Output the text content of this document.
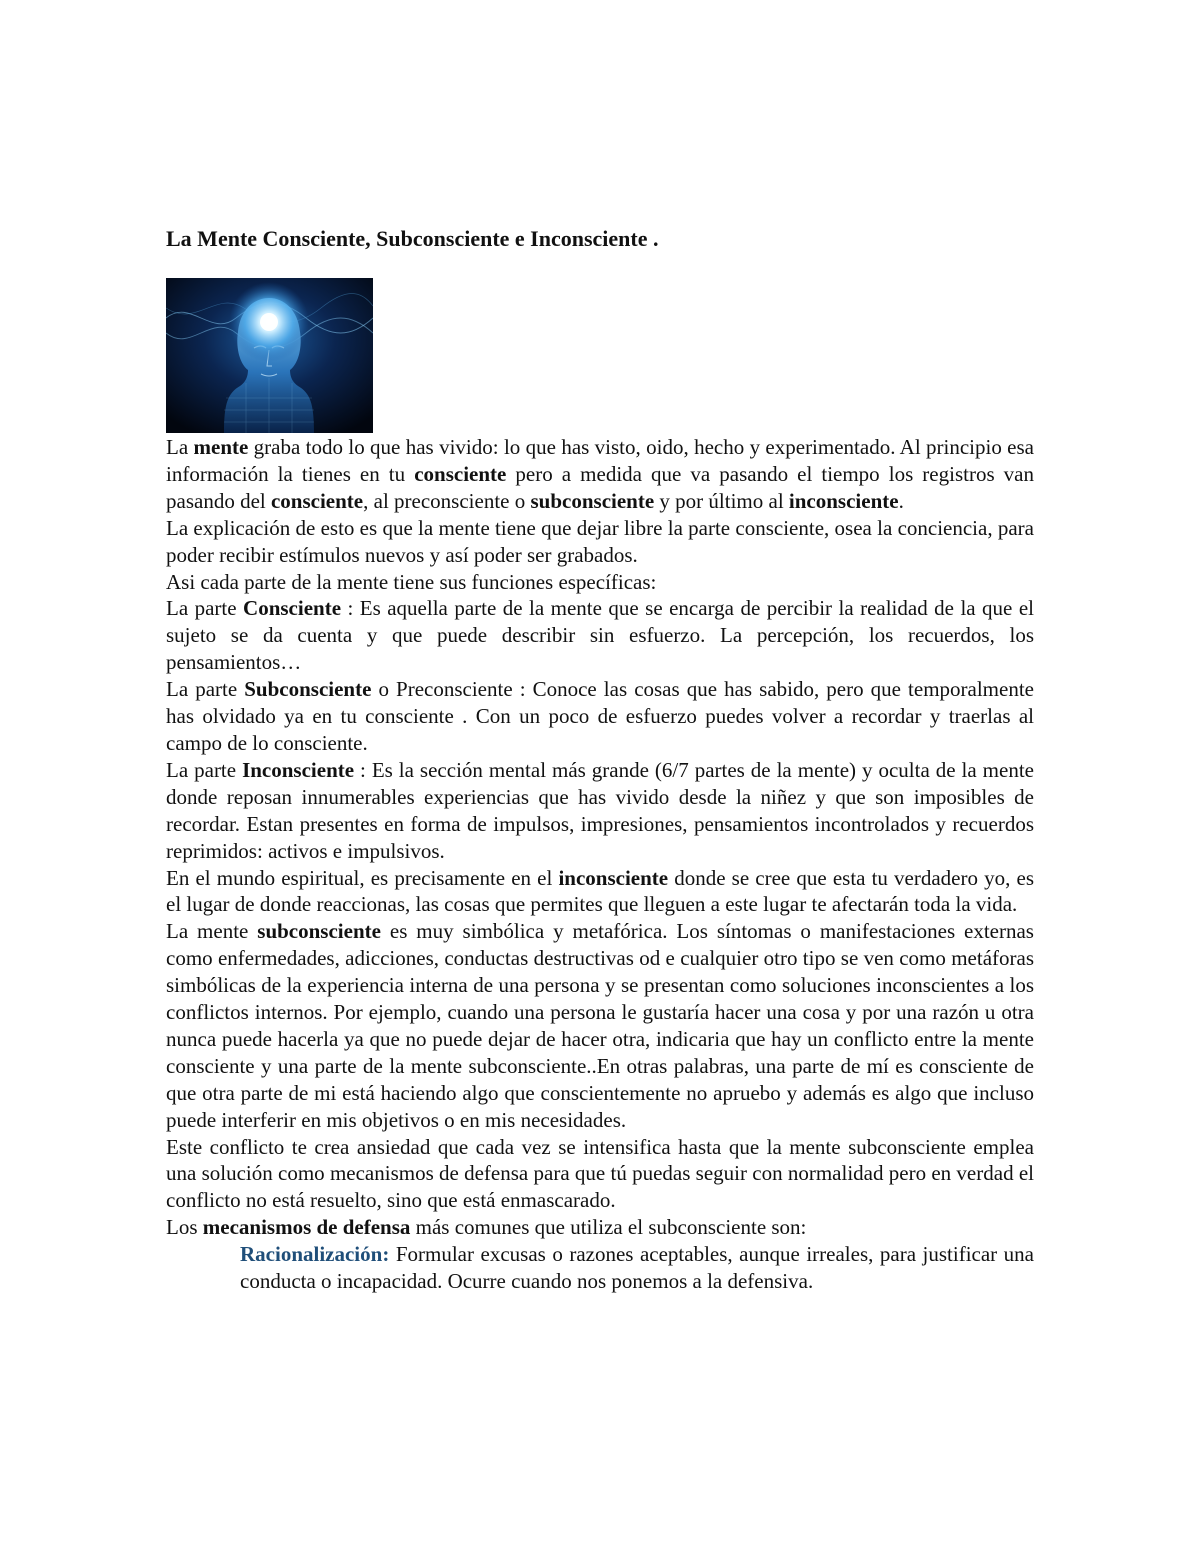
La Mente Consciente, Subconsciente e Inconsciente .

La mente graba todo lo que has vivido: lo que has visto, oido, hecho y experimentado. Al principio esa información la tienes en tu consciente pero a medida que va pasando el tiempo los registros van pasando del consciente, al preconsciente o subconsciente y por último al inconsciente.

La explicación de esto es que la mente tiene que dejar libre la parte consciente, osea la conciencia, para poder recibir estímulos nuevos y así poder ser grabados.

Asi cada parte de la mente tiene sus funciones específicas:

La parte Consciente : Es aquella parte de la mente que se encarga de percibir la realidad de la que el sujeto se da cuenta y que puede describir sin esfuerzo. La percepción, los recuerdos, los pensamientos…

La parte Subconsciente o Preconsciente : Conoce las cosas que has sabido, pero que temporalmente has olvidado ya en tu consciente . Con un poco de esfuerzo puedes volver a recordar y traerlas al campo de lo consciente.

La parte Inconsciente : Es la sección mental más grande (6/7 partes de la mente) y oculta de la mente donde reposan innumerables experiencias que has vivido desde la niñez y que son imposibles de recordar. Estan presentes en forma de impulsos, impresiones, pensamientos incontrolados y recuerdos reprimidos: activos e impulsivos.

En el mundo espiritual, es precisamente en el inconsciente donde se cree que esta tu verdadero yo, es el lugar de donde reaccionas, las cosas que permites que lleguen a este lugar te afectarán toda la vida.

La mente subconsciente es muy simbólica y metafórica. Los síntomas o manifestaciones externas como enfermedades, adicciones, conductas destructivas od e cualquier otro tipo se ven como metáforas simbólicas de la experiencia interna de una persona y se presentan como soluciones inconscientes a los conflictos internos. Por ejemplo, cuando una persona le gustaría hacer una cosa y por una razón u otra nunca puede hacerla ya que no puede dejar de hacer otra, indicaria que hay un conflicto entre la mente consciente y una parte de la mente subconsciente..En otras palabras, una parte de mí es consciente de que otra parte de mi está haciendo algo que conscientemente no apruebo y además es algo que incluso puede interferir en mis objetivos o en mis necesidades.

Este conflicto te crea ansiedad que cada vez se intensifica hasta que la mente subconsciente emplea una solución como mecanismos de defensa para que tú puedas seguir con normalidad pero en verdad el conflicto no está resuelto, sino que está enmascarado.

Los mecanismos de defensa más comunes que utiliza el subconsciente son:

Racionalización: Formular excusas o razones aceptables, aunque irreales, para justificar una conducta o incapacidad. Ocurre cuando nos ponemos a la defensiva.
